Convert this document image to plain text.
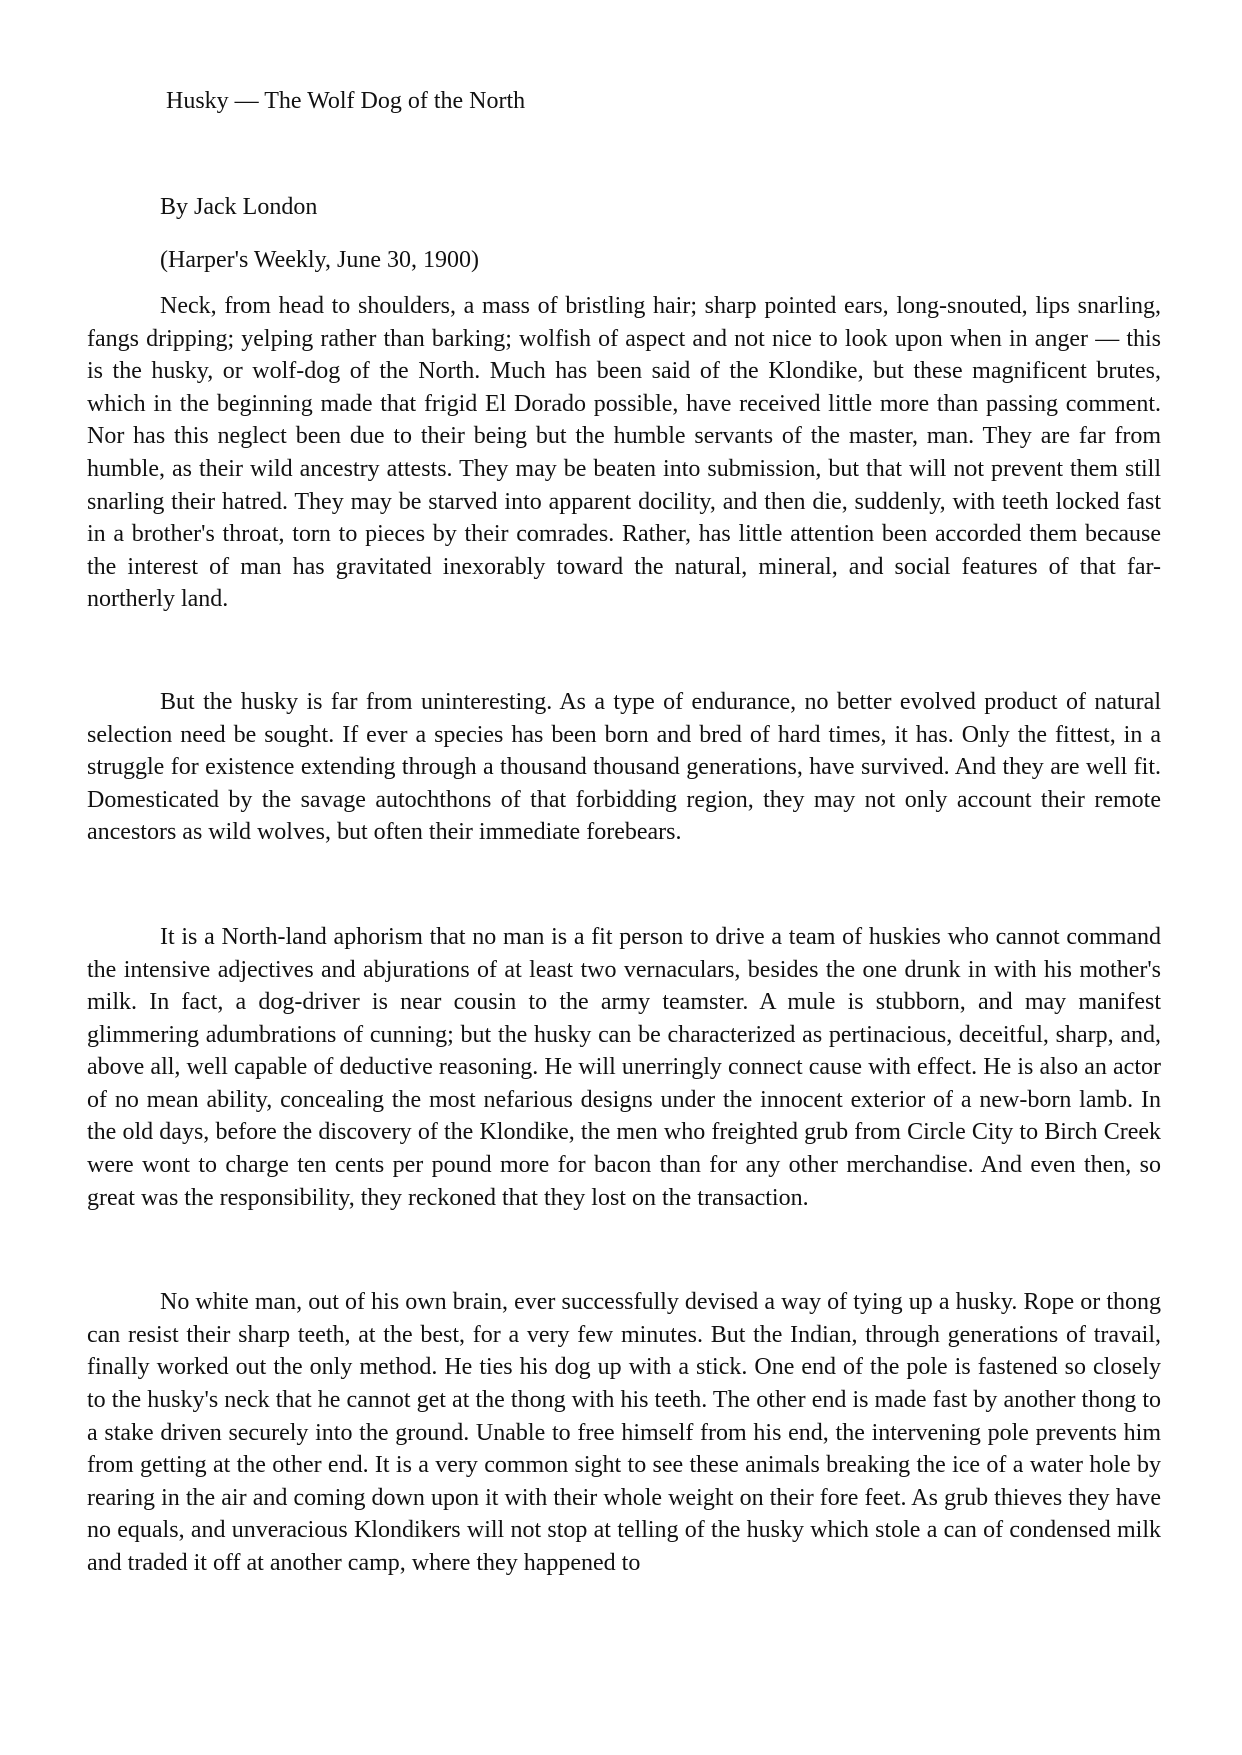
Husky — The Wolf Dog of the North
By Jack London
(Harper's Weekly, June 30, 1900)

Neck, from head to shoulders, a mass of bristling hair; sharp pointed ears, long-snouted, lips snarling, fangs dripping; yelping rather than barking; wolfish of aspect and not nice to look upon when in anger — this is the husky, or wolf-dog of the North. Much has been said of the Klondike, but these magnificent brutes, which in the beginning made that frigid El Dorado possible, have received little more than passing comment. Nor has this neglect been due to their being but the humble servants of the master, man. They are far from humble, as their wild ancestry attests. They may be beaten into submission, but that will not prevent them still snarling their hatred. They may be starved into apparent docility, and then die, suddenly, with teeth locked fast in a brother's throat, torn to pieces by their comrades. Rather, has little attention been accorded them because the interest of man has gravitated inexorably toward the natural, mineral, and social features of that far-northerly land.

But the husky is far from uninteresting. As a type of endurance, no better evolved product of natural selection need be sought. If ever a species has been born and bred of hard times, it has. Only the fittest, in a struggle for existence extending through a thousand thousand generations, have survived. And they are well fit. Domesticated by the savage autochthons of that forbidding region, they may not only account their remote ancestors as wild wolves, but often their immediate forebears.

It is a North-land aphorism that no man is a fit person to drive a team of huskies who cannot command the intensive adjectives and abjurations of at least two vernaculars, besides the one drunk in with his mother's milk. In fact, a dog-driver is near cousin to the army teamster. A mule is stubborn, and may manifest glimmering adumbrations of cunning; but the husky can be characterized as pertinacious, deceitful, sharp, and, above all, well capable of deductive reasoning. He will unerringly connect cause with effect. He is also an actor of no mean ability, concealing the most nefarious designs under the innocent exterior of a new-born lamb. In the old days, before the discovery of the Klondike, the men who freighted grub from Circle City to Birch Creek were wont to charge ten cents per pound more for bacon than for any other merchandise. And even then, so great was the responsibility, they reckoned that they lost on the transaction.

No white man, out of his own brain, ever successfully devised a way of tying up a husky. Rope or thong can resist their sharp teeth, at the best, for a very few minutes. But the Indian, through generations of travail, finally worked out the only method. He ties his dog up with a stick. One end of the pole is fastened so closely to the husky's neck that he cannot get at the thong with his teeth. The other end is made fast by another thong to a stake driven securely into the ground. Unable to free himself from his end, the intervening pole prevents him from getting at the other end. It is a very common sight to see these animals breaking the ice of a water hole by rearing in the air and coming down upon it with their whole weight on their fore feet. As grub thieves they have no equals, and unveracious Klondikers will not stop at telling of the husky which stole a can of condensed milk and traded it off at another camp, where they happened to
